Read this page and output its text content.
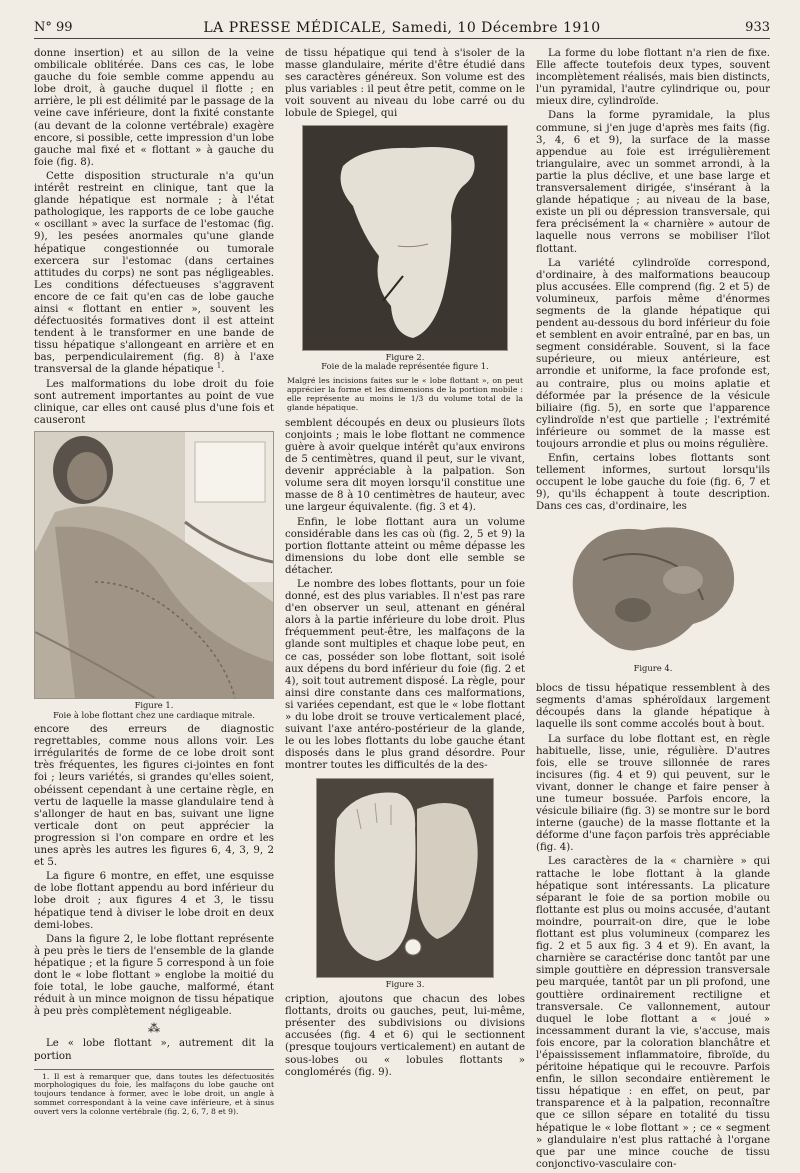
N° 99	LA PRESSE MÉDICALE, Samedi, 10 Décembre 1910	933

donne insertion) et au sillon de la veine ombilicale oblitérée. Dans ces cas, le lobe gauche du foie semble comme appendu au lobe droit, à gauche duquel il flotte ; en arrière, le pli est délimité par le passage de la veine cave inférieure, dont la fixité constante (au devant de la colonne vertébrale) exagère encore, si possible, cette impression d'un lobe gauche mal fixé et « flottant » à gauche du foie (fig. 8).

Cette disposition structurale n'a qu'un intérêt restreint en clinique, tant que la glande hépatique est normale ; à l'état pathologique, les rapports de ce lobe gauche « oscillant » avec la surface de l'estomac (fig. 9), les pesées anormales qu'une glande hépatique congestionnée ou tumorale exercera sur l'estomac (dans certaines attitudes du corps) ne sont pas négligeables. Les conditions défectueuses s'aggravent encore de ce fait qu'en cas de lobe gauche ainsi « flottant en entier », souvent les défectuosités formatives dont il est atteint tendent à le transformer en une bande de tissu hépatique s'allongeant en arrière et en bas, perpendiculairement (fig. 8) à l'axe transversal de la glande hépatique $^1$.

Les malformations du lobe droit du foie sont autrement importantes au point de vue clinique, car elles ont causé plus d'une fois et causeront

Figure 1.
Foie à lobe flottant chez une cardiaque mitrale.

encore des erreurs de diagnostic regrettables, comme nous allons voir. Les irrégularités de forme de ce lobe droit sont très fréquentes, les figures ci-jointes en font foi ; leurs variétés, si grandes qu'elles soient, obéissent cependant à une certaine règle, en vertu de laquelle la masse glandulaire tend à s'allonger de haut en bas, suivant une ligne verticale dont on peut apprécier la progression si l'on compare en ordre et les unes après les autres les figures 6, 4, 3, 9, 2 et 5.

La figure 6 montre, en effet, une esquisse de lobe flottant appendu au bord inférieur du lobe droit ; aux figures 4 et 3, le tissu hépatique tend à diviser le lobe droit en deux demi-lobes.

Dans la figure 2, le lobe flottant représente à peu près le tiers de l'ensemble de la glande hépatique ; et la figure 5 correspond à un foie dont le « lobe flottant » englobe la moitié du foie total, le lobe gauche, malformé, étant réduit à un mince moignon de tissu hépatique à peu près complètement négligeable.

⁂

Le « lobe flottant », autrement dit la portion

1. Il est à remarquer que, dans toutes les défectuosités morphologiques du foie, les malfaçons du lobe gauche ont toujours tendance à former, avec le lobe droit, un angle à sommet correspondant à la veine cave inférieure, et à sinus ouvert vers la colonne vertébrale (fig. 2, 6, 7, 8 et 9).

de tissu hépatique qui tend à s'isoler de la masse glandulaire, mérite d'être étudié dans ses caractères généreux. Son volume est des plus variables : il peut être petit, comme on le voit souvent au niveau du lobe carré ou du lobule de Spiegel, qui

Figure 2.
Foie de la malade représentée figure 1.
Malgré les incisions faites sur le « lobe flottant », on peut apprécier la forme et les dimensions de la portion mobile : elle représente au moins le 1/3 du volume total de la glande hépatique.

semblent découpés en deux ou plusieurs îlots conjoints ; mais le lobe flottant ne commence guère à avoir quelque intérêt qu'aux environs de 5 centimètres, quand il peut, sur le vivant, devenir appréciable à la palpation. Son volume sera dit moyen lorsqu'il constitue une masse de 8 à 10 centimètres de hauteur, avec une largeur équivalente. (fig. 3 et 4).

Enfin, le lobe flottant aura un volume considérable dans les cas où (fig. 2, 5 et 9) la portion flottante atteint ou même dépasse les dimensions du lobe dont elle semble se détacher.

Le nombre des lobes flottants, pour un foie donné, est des plus variables. Il n'est pas rare d'en observer un seul, attenant en général alors à la partie inférieure du lobe droit. Plus fréquemment peut-être, les malfaçons de la glande sont multiples et chaque lobe peut, en ce cas, posséder son lobe flottant, soit isolé aux dépens du bord inférieur du foie (fig. 2 et 4), soit tout autrement disposé. La règle, pour ainsi dire constante dans ces malformations, si variées cependant, est que le « lobe flottant » du lobe droit se trouve verticalement placé, suivant l'axe antéro-postérieur de la glande, le ou les lobes flottants du lobe gauche étant disposés dans le plus grand désordre. Pour montrer toutes les difficultés de la des-

Figure 3.

cription, ajoutons que chacun des lobes flottants, droits ou gauches, peut, lui-même, présenter des subdivisions ou divisions accusées (fig. 4 et 6) qui le sectionnent (presque toujours verticalement) en autant de sous-lobes ou « lobules flottants » conglomérés (fig. 9).

La forme du lobe flottant n'a rien de fixe. Elle affecte toutefois deux types, souvent incomplètement réalisés, mais bien distincts, l'un pyramidal, l'autre cylindrique ou, pour mieux dire, cylindroïde.

Dans la forme pyramidale, la plus commune, si j'en juge d'après mes faits (fig. 3, 4, 6 et 9), la surface de la masse appendue au foie est irrégulièrement triangulaire, avec un sommet arrondi, à la partie la plus déclive, et une base large et transversalement dirigée, s'insérant à la glande hépatique ; au niveau de la base, existe un pli ou dépression transversale, qui fera précisément la « charnière » autour de laquelle nous verrons se mobiliser l'îlot flottant.

La variété cylindroïde correspond, d'ordinaire, à des malformations beaucoup plus accusées. Elle comprend (fig. 2 et 5) de volumineux, parfois même d'énormes segments de la glande hépatique qui pendent au-dessous du bord inférieur du foie et semblent en avoir entraîné, par en bas, un segment considérable. Souvent, si la face supérieure, ou mieux antérieure, est arrondie et uniforme, la face profonde est, au contraire, plus ou moins aplatie et déformée par la présence de la vésicule biliaire (fig. 5), en sorte que l'apparence cylindroïde n'est que partielle ; l'extrémité inférieure ou sommet de la masse est toujours arrondie et plus ou moins régulière.

Enfin, certains lobes flottants sont tellement informes, surtout lorsqu'ils occupent le lobe gauche du foie (fig. 6, 7 et 9), qu'ils échappent à toute description. Dans ces cas, d'ordinaire, les

Figure 4.

blocs de tissu hépatique ressemblent à des segments d'amas sphéroïdaux largement découpés dans la glande hépatique à laquelle ils sont comme accolés bout à bout.

La surface du lobe flottant est, en règle habituelle, lisse, unie, régulière. D'autres fois, elle se trouve sillonnée de rares incisures (fig. 4 et 9) qui peuvent, sur le vivant, donner le change et faire penser à une tumeur bossuée. Parfois encore, la vésicule biliaire (fig. 3) se montre sur le bord interne (gauche) de la masse flottante et la déforme d'une façon parfois très appréciable (fig. 4).

Les caractères de la « charnière » qui rattache le lobe flottant à la glande hépatique sont intéressants. La plicature séparant le foie de sa portion mobile ou flottante est plus ou moins accusée, d'autant moindre, pourrait-on dire, que le lobe flottant est plus volumineux (comparez les fig. 2 et 5 aux fig. 3 4 et 9). En avant, la charnière se caractérise donc tantôt par une simple gouttière en dépression transversale peu marquée, tantôt par un pli profond, une gouttière ordinairement rectiligne et transversale. Ce vallonnement, autour duquel le lobe flottant a « joué » incessamment durant la vie, s'accuse, mais fois encore, par la coloration blanchâtre et l'épaississement inflammatoire, fibroïde, du péritoine hépatique qui le recouvre. Parfois enfin, le sillon secondaire entièrement le tissu hépatique : en effet, on peut, par transparence et à la palpation, reconnaître que ce sillon sépare en totalité du tissu hépatique le « lobe flottant » ; ce « segment » glandulaire n'est plus rattaché à l'organe que par une mince couche de tissu conjonctivo-vasculaire con-
